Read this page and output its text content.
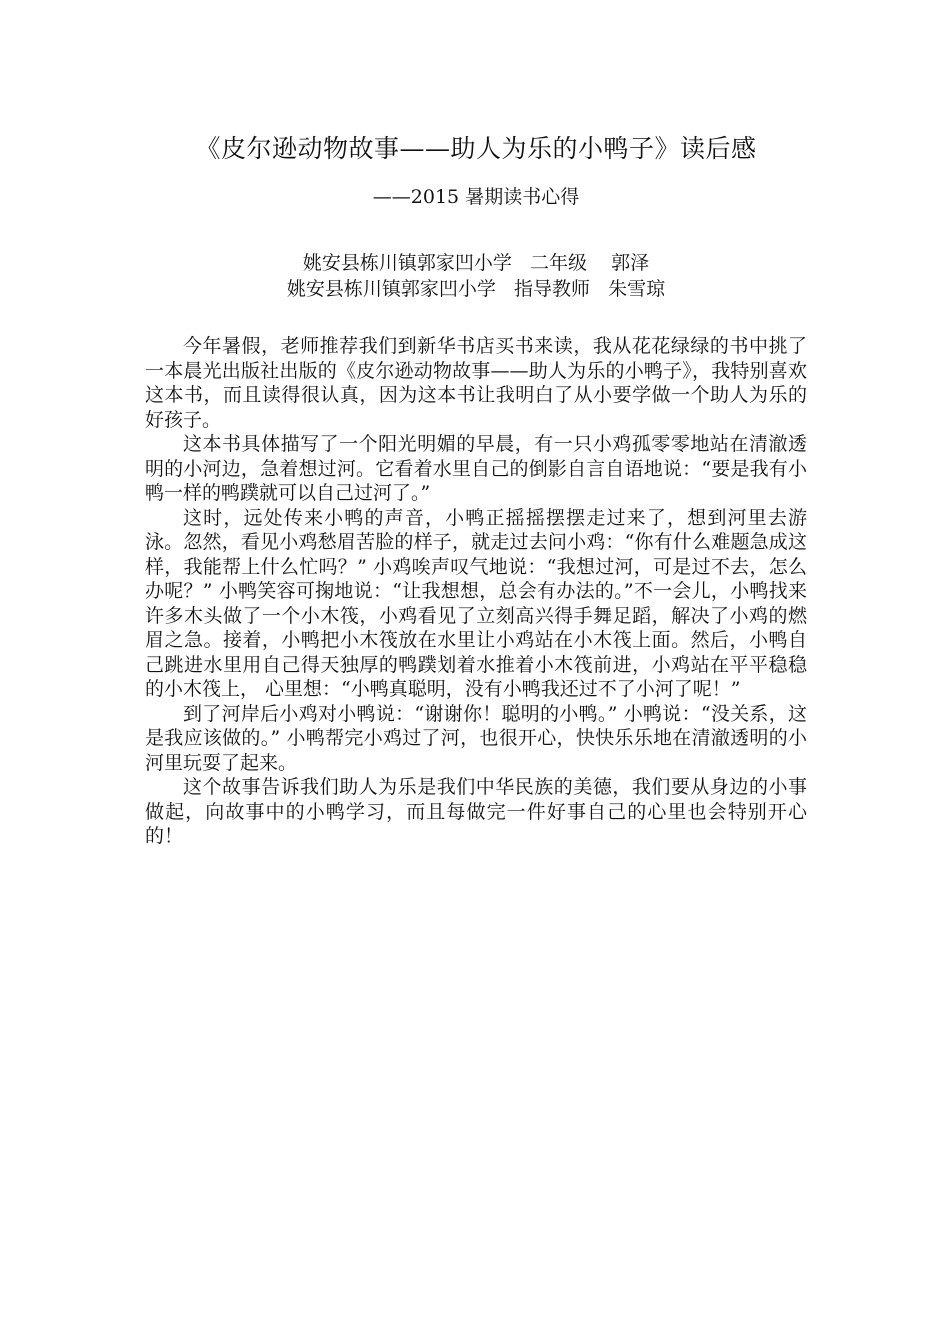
《皮尔逊动物故事——助人为乐的小鸭子》读后感
——2015 暑期读书心得
姚安县栋川镇郭家凹小学   二年级    郭泽
姚安县栋川镇郭家凹小学   指导教师   朱雪琼

今年暑假，老师推荐我们到新华书店买书来读，我从花花绿绿的书中挑了一本晨光出版社出版的《皮尔逊动物故事——助人为乐的小鸭子》，我特别喜欢这本书，而且读得很认真，因为这本书让我明白了从小要学做一个助人为乐的好孩子。

这本书具体描写了一个阳光明媚的早晨，有一只小鸡孤零零地站在清澈透明的小河边，急着想过河。它看着水里自己的倒影自言自语地说：“要是我有小鸭一样的鸭蹼就可以自己过河了。”

这时，远处传来小鸭的声音，小鸭正摇摇摆摆走过来了，想到河里去游泳。忽然，看见小鸡愁眉苦脸的样子，就走过去问小鸡：“你有什么难题急成这样，我能帮上什么忙吗？” 小鸡唉声叹气地说：“我想过河，可是过不去，怎么办呢？” 小鸭笑容可掬地说：“让我想想，总会有办法的。”不一会儿，小鸭找来许多木头做了一个小木筏，小鸡看见了立刻高兴得手舞足蹈，解决了小鸡的燃眉之急。接着，小鸭把小木筏放在水里让小鸡站在小木筏上面。然后，小鸭自己跳进水里用自己得天独厚的鸭蹼划着水推着小木筏前进，小鸡站在平平稳稳的小木筏上， 心里想：“小鸭真聪明，没有小鸭我还过不了小河了呢！”

到了河岸后小鸡对小鸭说：“谢谢你！聪明的小鸭。” 小鸭说：“没关系，这是我应该做的。” 小鸭帮完小鸡过了河，也很开心，快快乐乐地在清澈透明的小河里玩耍了起来。

这个故事告诉我们助人为乐是我们中华民族的美德，我们要从身边的小事做起，向故事中的小鸭学习，而且每做完一件好事自己的心里也会特别开心的！
